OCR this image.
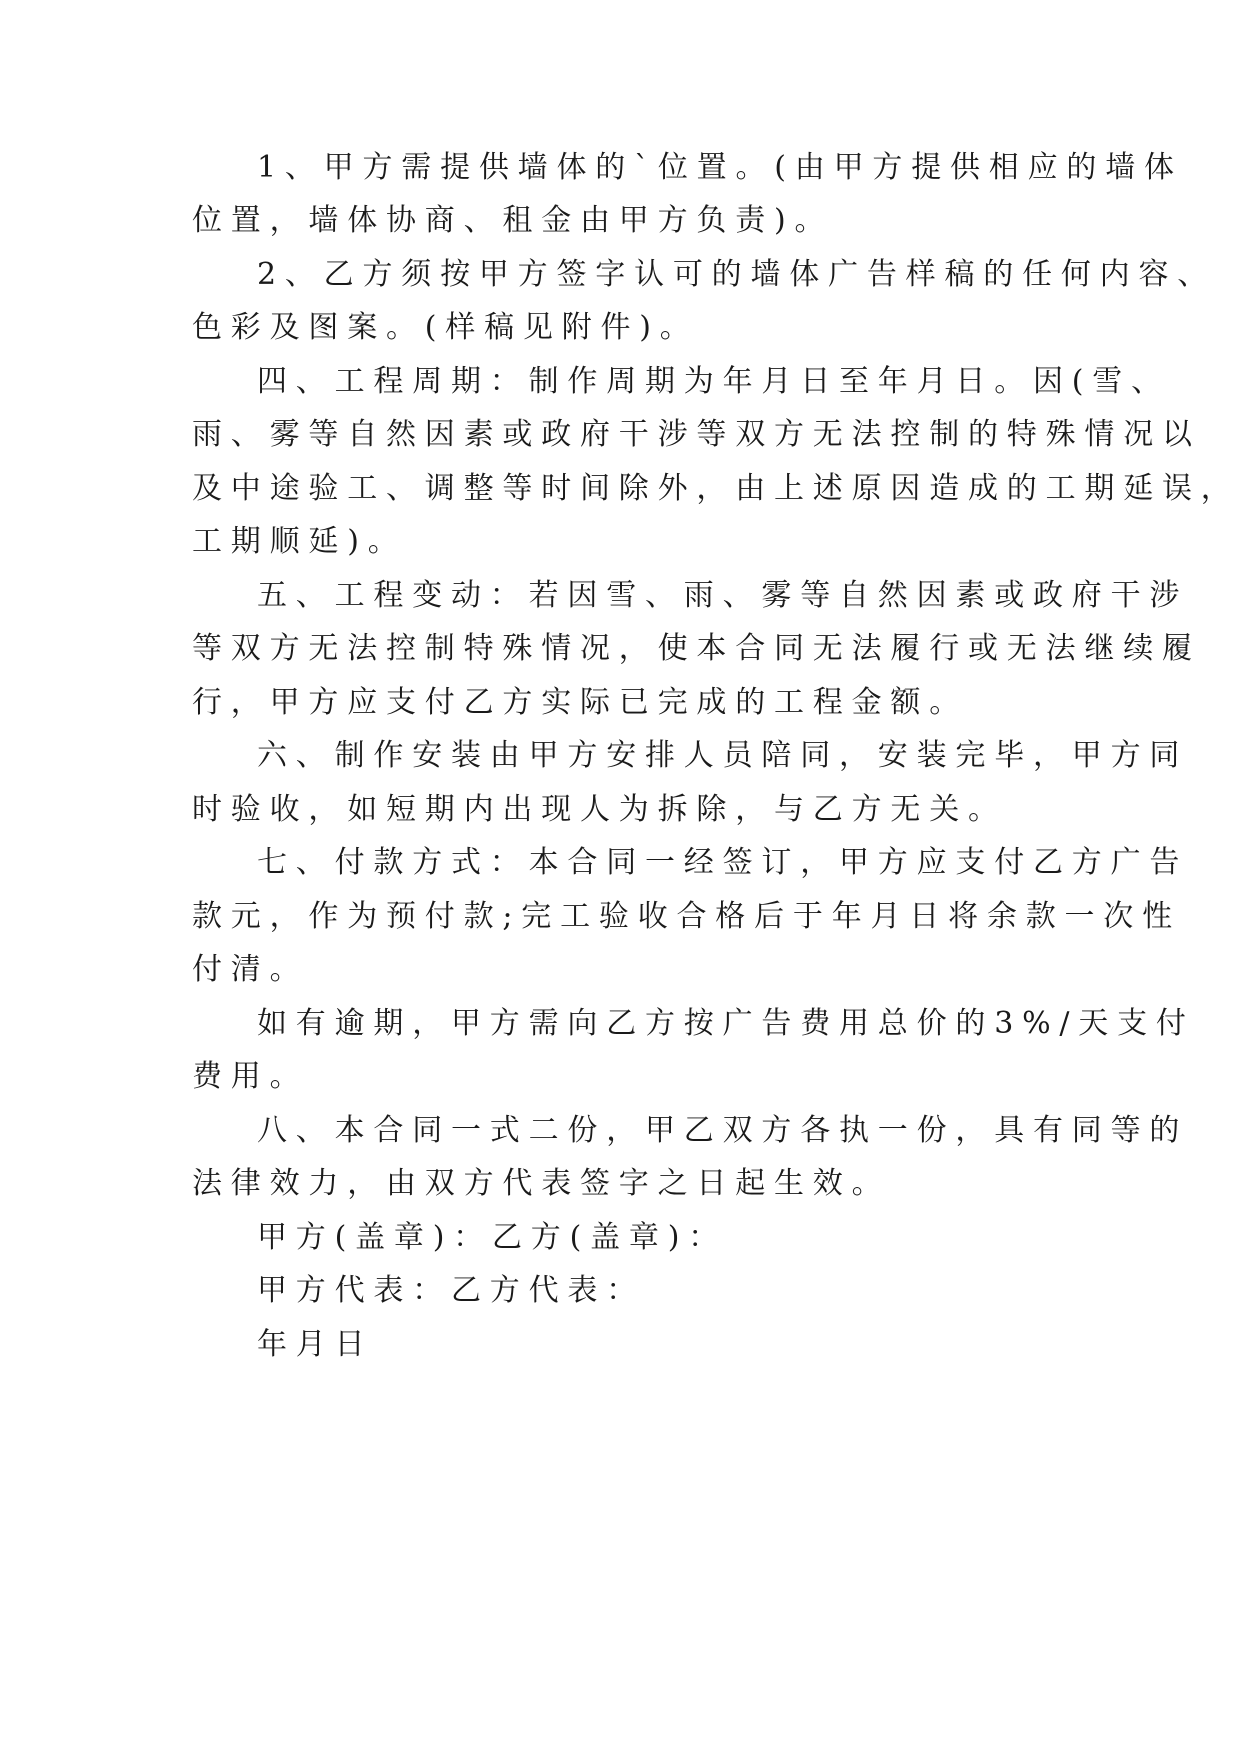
1、甲方需提供墙体的`位置。(由甲方提供相应的墙体
位置，墙体协商、租金由甲方负责)。
2、乙方须按甲方签字认可的墙体广告样稿的任何内容、
色彩及图案。(样稿见附件)。
四、工程周期：制作周期为年月日至年月日。因(雪、
雨、雾等自然因素或政府干涉等双方无法控制的特殊情况以
及中途验工、调整等时间除外，由上述原因造成的工期延误，
工期顺延)。
五、工程变动：若因雪、雨、雾等自然因素或政府干涉
等双方无法控制特殊情况，使本合同无法履行或无法继续履
行，甲方应支付乙方实际已完成的工程金额。
六、制作安装由甲方安排人员陪同，安装完毕，甲方同
时验收，如短期内出现人为拆除，与乙方无关。
七、付款方式：本合同一经签订，甲方应支付乙方广告
款元，作为预付款;完工验收合格后于年月日将余款一次性
付清。
如有逾期，甲方需向乙方按广告费用总价的3%/天支付
费用。
八、本合同一式二份，甲乙双方各执一份，具有同等的
法律效力，由双方代表签字之日起生效。
甲方(盖章)：乙方(盖章)：
甲方代表：乙方代表：
年月日
